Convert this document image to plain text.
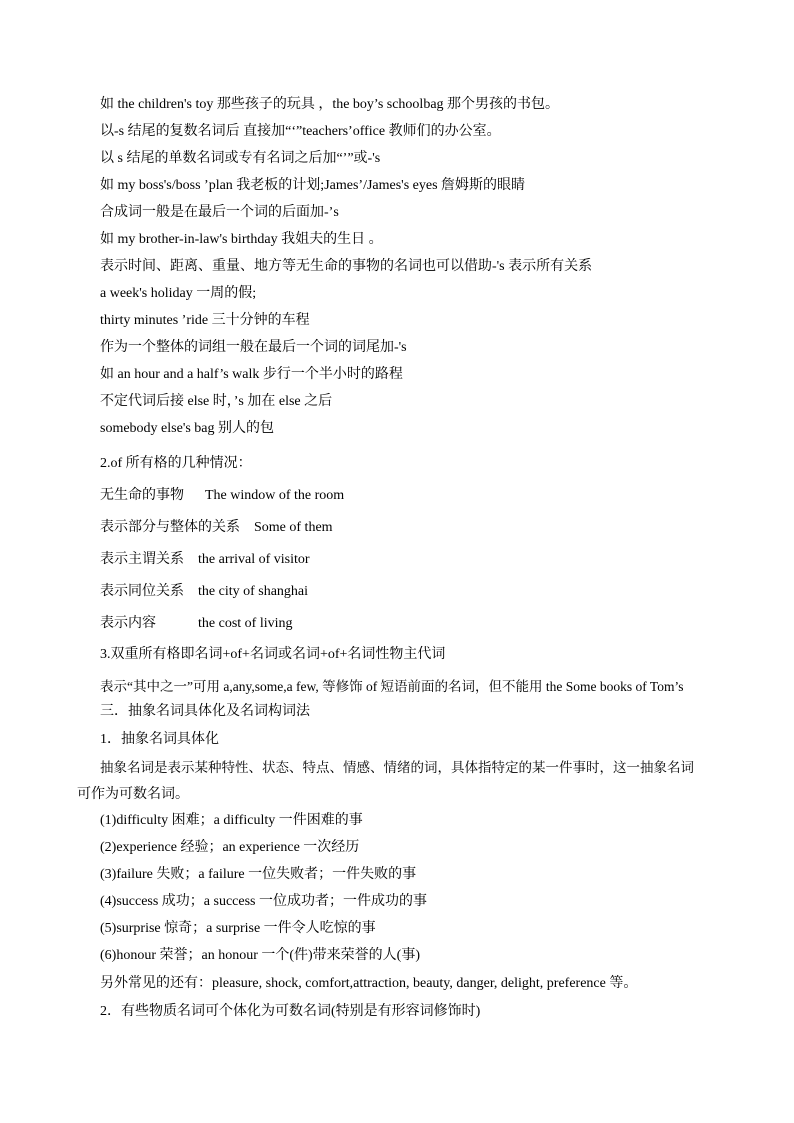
如 the children's toy 那些孩子的玩具 ，the boy’s schoolbag 那个男孩的书包。
以-s 结尾的复数名词后 直接加“‘”teachers’office 教师们的办公室。
以 s 结尾的单数名词或专有名词之后加“’”或-'s
如 my boss's/boss ’plan 我老板的计划;James’/James's eyes 詹姆斯的眼睛
合成词一般是在最后一个词的后面加-’s
如 my brother-in-law's birthday 我姐夫的生日 。
表示时间、距离、重量、地方等无生命的事物的名词也可以借助-'s 表示所有关系
a week's holiday 一周的假;
thirty minutes ’ride 三十分钟的车程
作为一个整体的词组一般在最后一个词的词尾加-'s
如 an hour and a half’s walk 步行一个半小时的路程
不定代词后接 else 时，’s 加在 else 之后
somebody else's bag 别人的包
2.of 所有格的几种情况：
无生命的事物 The window of the room
表示部分与整体的关系 Some of them
表示主谓关系 the arrival of visitor
表示同位关系 the city of shanghai
表示内容	the cost of living
3.双重所有格即名词+of+名词或名词+of+名词性物主代词
表示“其中之一”可用 a,any,some,a few, 等修饰 of 短语前面的名词，但不能用 the Some books of Tom’s
三．抽象名词具体化及名词构词法
1．抽象名词具体化
抽象名词是表示某种特性、状态、特点、情感、情绪的词，具体指特定的某一件事时，这一抽象名词
可作为可数名词。
(1)difficulty 困难；a difficulty 一件困难的事
(2)experience 经验；an experience 一次经历
(3)failure 失败；a failure 一位失败者；一件失败的事
(4)success 成功；a success 一位成功者；一件成功的事
(5)surprise 惊奇；a surprise 一件令人吃惊的事
(6)honour 荣誉；an honour 一个(件)带来荣誉的人(事)
另外常见的还有：pleasure, shock, comfort,attraction, beauty, danger, delight, preference 等。
2．有些物质名词可个体化为可数名词(特别是有形容词修饰时)
